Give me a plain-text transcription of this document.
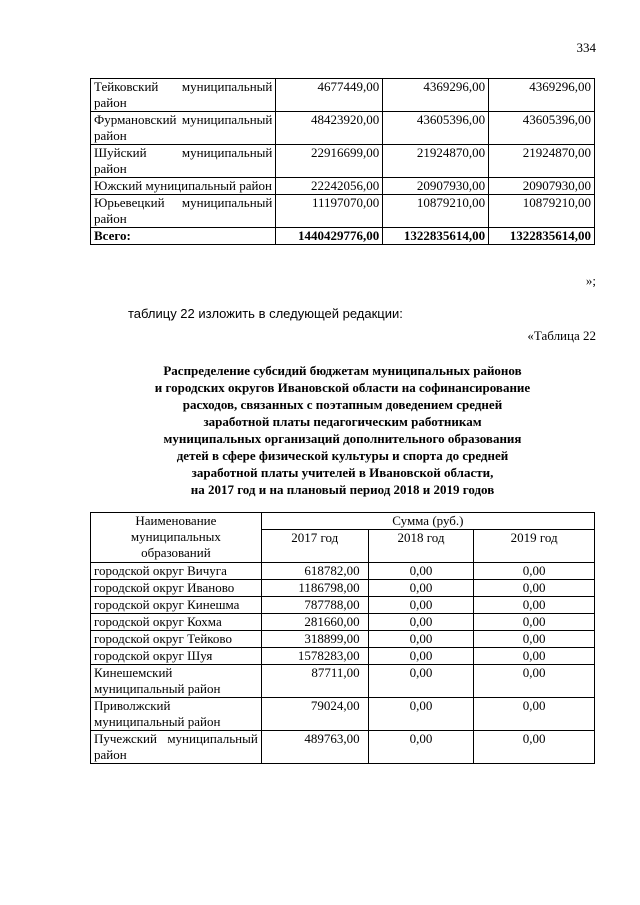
334
Тейковский муниципальный район	4677449,00	4369296,00	4369296,00
Фурмановский муниципальный район	48423920,00	43605396,00	43605396,00
Шуйский муниципальный район	22916699,00	21924870,00	21924870,00
Южский муниципальный район	22242056,00	20907930,00	20907930,00
Юрьевецкий муниципальный район	11197070,00	10879210,00	10879210,00
Всего:	1440429776,00	1322835614,00	1322835614,00
»;
таблицу 22 изложить в следующей редакции:
«Таблица 22
Распределение субсидий бюджетам муниципальных районов
и городских округов Ивановской области на софинансирование
расходов, связанных с поэтапным доведением средней
заработной платы педагогическим работникам
муниципальных организаций дополнительного образования
детей в сфере физической культуры и спорта до средней
заработной платы учителей в Ивановской области,
на 2017 год и на плановый период 2018 и 2019 годов
Наименование муниципальных образований	Сумма (руб.)		
	2017 год	2018 год	2019 год
городской округ Вичуга	618782,00	0,00	0,00
городской округ Иваново	1186798,00	0,00	0,00
городской округ Кинешма	787788,00	0,00	0,00
городской округ Кохма	281660,00	0,00	0,00
городской округ Тейково	318899,00	0,00	0,00
городской округ Шуя	1578283,00	0,00	0,00
Кинешемский муниципальный район	87711,00	0,00	0,00
Приволжский муниципальный район	79024,00	0,00	0,00
Пучежский муниципальный район	489763,00	0,00	0,00
